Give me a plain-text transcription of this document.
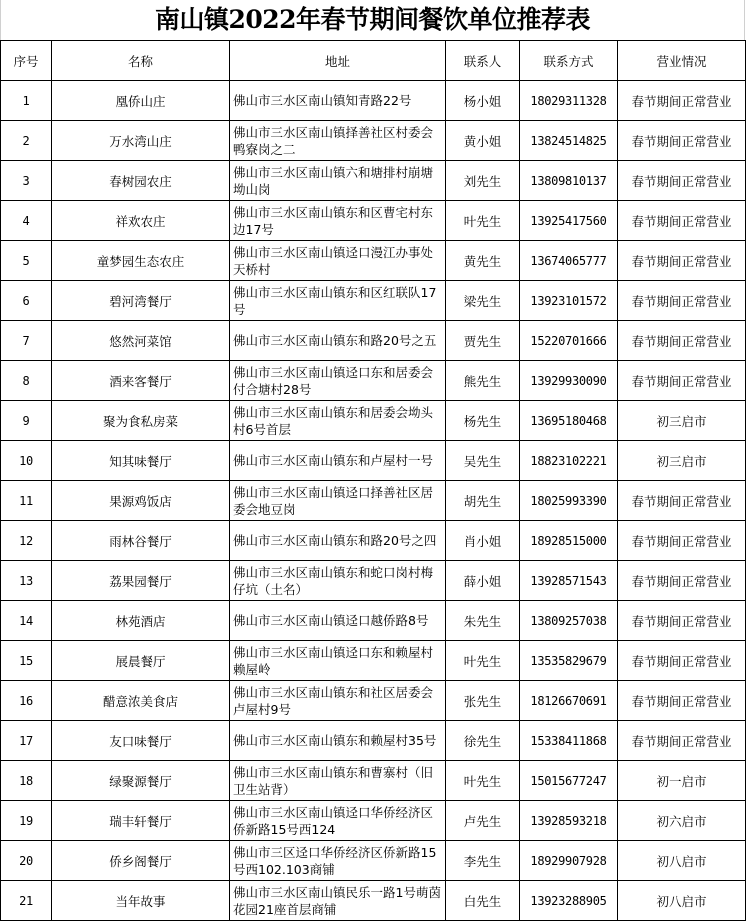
南山镇2022年春节期间餐饮单位推荐表
序号	名称	地址	联系人	联系方式	营业情况
1	凰侨山庄	佛山市三水区南山镇知青路22号	杨小姐	18029311328	春节期间正常营业
2	万水湾山庄	佛山市三水区南山镇择善社区村委会鸭寮岗之二	黄小姐	13824514825	春节期间正常营业
3	春树园农庄	佛山市三水区南山镇六和塘排村崩塘坳山岗	刘先生	13809810137	春节期间正常营业
4	祥欢农庄	佛山市三水区南山镇东和区曹宅村东边17号	叶先生	13925417560	春节期间正常营业
5	童梦园生态农庄	佛山市三水区南山镇迳口漫江办事处天桥村	黄先生	13674065777	春节期间正常营业
6	碧河湾餐厅	佛山市三水区南山镇东和区红联队17号	梁先生	13923101572	春节期间正常营业
7	悠然河菜馆	佛山市三水区南山镇东和路20号之五	贾先生	15220701666	春节期间正常营业
8	酒来客餐厅	佛山市三水区南山镇迳口东和居委会付合塘村28号	熊先生	13929930090	春节期间正常营业
9	聚为食私房菜	佛山市三水区南山镇东和居委会坳头村6号首层	杨先生	13695180468	初三启市
10	知其味餐厅	佛山市三水区南山镇东和卢屋村一号	吴先生	18823102221	初三启市
11	果源鸡饭店	佛山市三水区南山镇迳口择善社区居委会地豆岗	胡先生	18025993390	春节期间正常营业
12	雨林谷餐厅	佛山市三水区南山镇东和路20号之四	肖小姐	18928515000	春节期间正常营业
13	荔果园餐厅	佛山市三水区南山镇东和蛇口岗村梅仔坑（土名）	薛小姐	13928571543	春节期间正常营业
14	林苑酒店	佛山市三水区南山镇迳口越侨路8号	朱先生	13809257038	春节期间正常营业
15	展晨餐厅	佛山市三水区南山镇迳口东和赖屋村赖屋岭	叶先生	13535829679	春节期间正常营业
16	醋意浓美食店	佛山市三水区南山镇东和社区居委会卢屋村9号	张先生	18126670691	春节期间正常营业
17	友口味餐厅	佛山市三水区南山镇东和赖屋村35号	徐先生	15338411868	春节期间正常营业
18	绿聚源餐厅	佛山市三水区南山镇东和曹寨村（旧卫生站背）	叶先生	15015677247	初一启市
19	瑞丰轩餐厅	佛山市三水区南山镇迳口华侨经济区侨新路15号西124	卢先生	13928593218	初六启市
20	侨乡阁餐厅	佛山市三区迳口华侨经济区侨新路15号西102.103商铺	李先生	18929907928	初八启市
21	当年故事	佛山市三水区南山镇民乐一路1号萌茵花园21座首层商铺	白先生	13923288905	初八启市
